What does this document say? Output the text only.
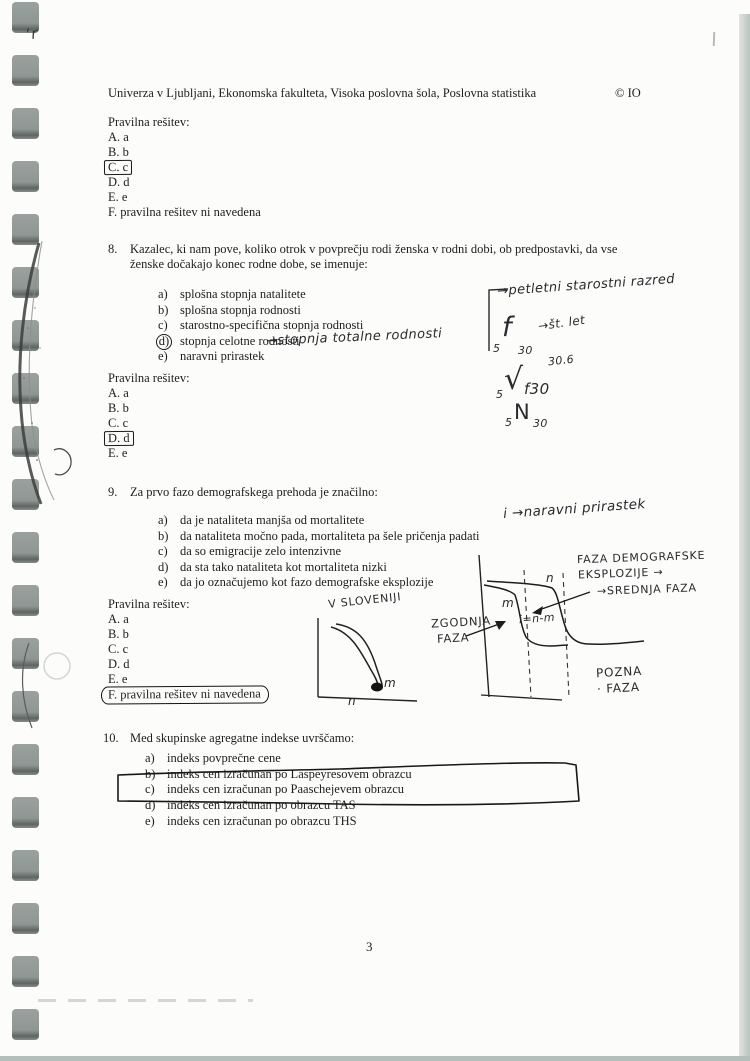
ʼr
Univerza v Ljubljani, Ekonomska fakulteta, Visoka poslovna šola, Poslovna statistika	© IO
Pravilna rešitev:
A. a
B. b
C. c
D. d
E. e
F. pravilna rešitev ni navedena
8.	Kazalec, ki nam pove, koliko otrok v povprečju rodi ženska v rodni dobi, ob predpostavki, da vse
ženske dočakajo konec rodne dobe, se imenuje:
a) splošna stopnja natalitete
b) splošna stopnja rodnosti
c) starostno-specifična stopnja rodnosti
d) stopnja celotne rodnosti
e) naravni prirastek
→stopnja totalne rodnosti
→petletni starostni razred
5
f
30
→št. let
30.6
5 √ f30
5 N 30
Pravilna rešitev:
A. a
B. b
C. c
D. d
E. e
9.	Za prvo fazo demografskega prehoda je značilno:
a) da je nataliteta manjša od mortalitete
b) da nataliteta močno pada, mortaliteta pa šele pričenja padati
c) da so emigracije zelo intenzivne
d) da sta tako nataliteta kot mortaliteta nizki
e) da jo označujemo kot fazo demografske eksplozije
Pravilna rešitev:
A. a
B. b
C. c
D. d
E. e
F. pravilna rešitev ni navedena
V SLOVENIJI
m
n
i →naravni prirastek
FAZA DEMOGRAFSKE
EKSPLOZIJE →
→SREDNJA FAZA
ZGODNJA
FAZA
i=n-m
n
m
POZNA
· FAZA
10. Med skupinske agregatne indekse uvrščamo:
a) indeks povprečne cene
b) indeks cen izračunan po Laspeyresovem obrazcu
c) indeks cen izračunan po Paaschejevem obrazcu
d) indeks cen izračunan po obrazcu TAS
e) indeks cen izračunan po obrazcu THS
3
